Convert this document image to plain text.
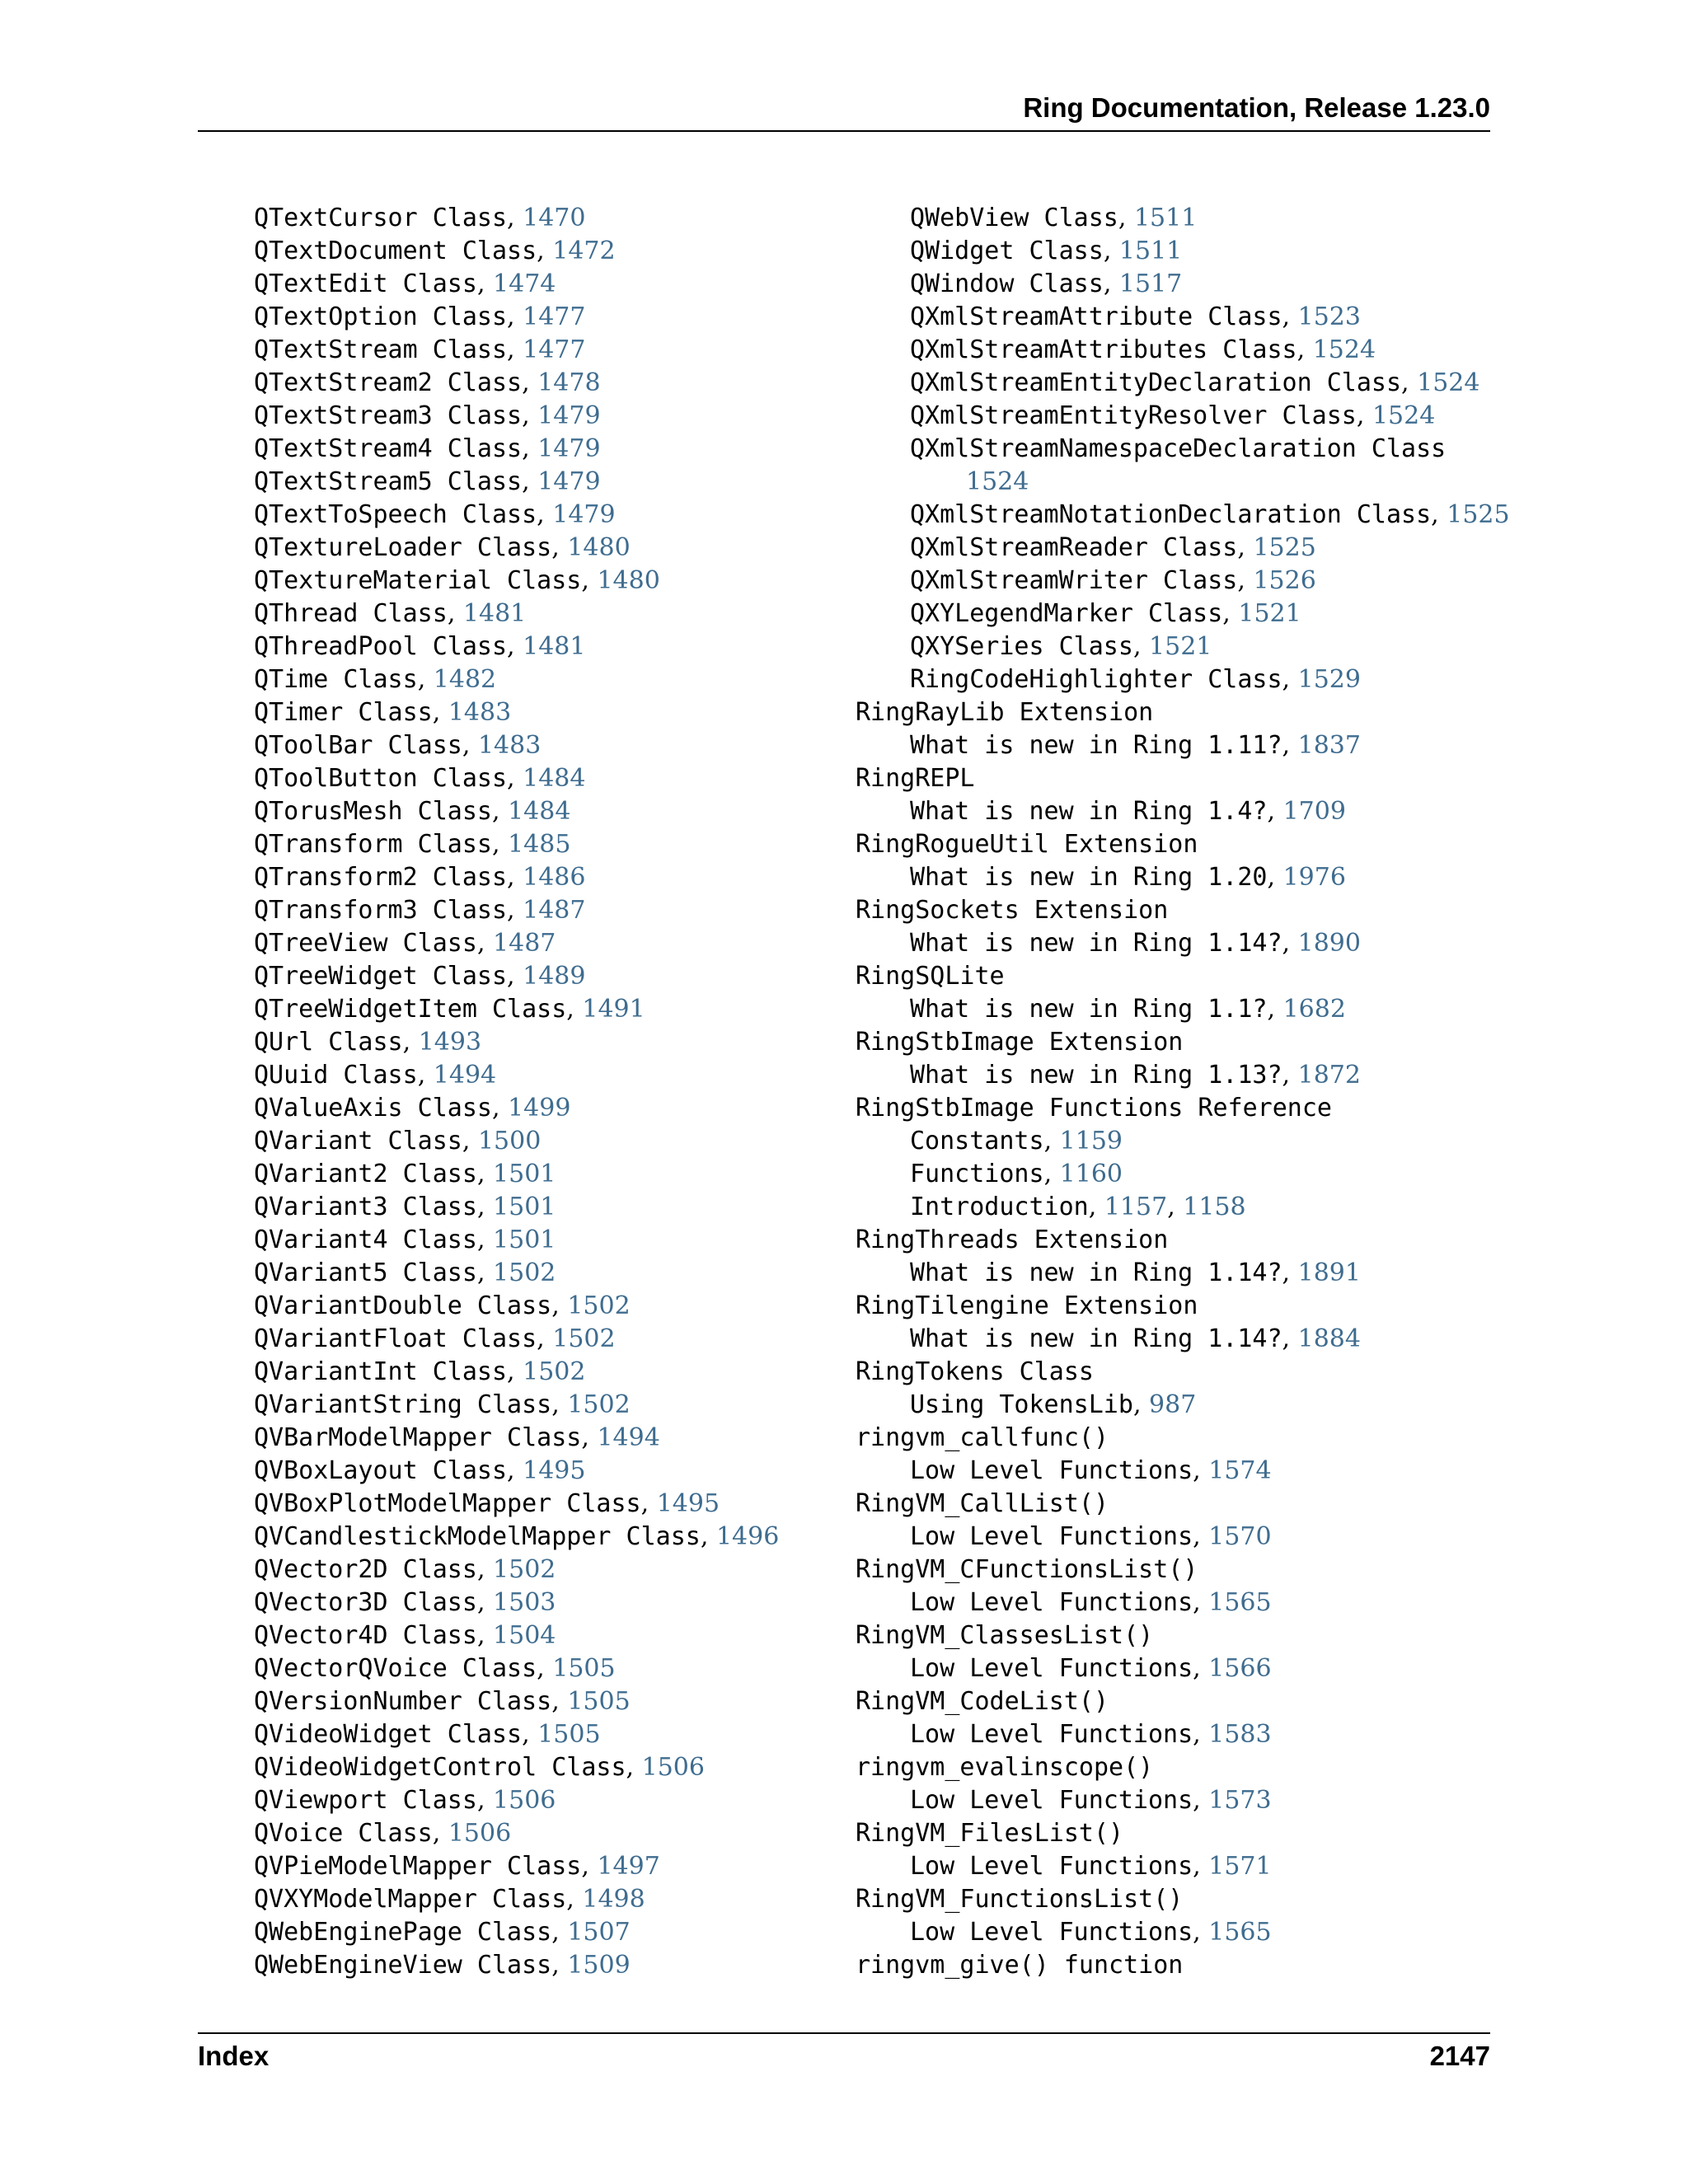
Ring Documentation, Release 1.23.0
QTextCursor Class, 1470
QTextDocument Class, 1472
QTextEdit Class, 1474
QTextOption Class, 1477
QTextStream Class, 1477
QTextStream2 Class, 1478
QTextStream3 Class, 1479
QTextStream4 Class, 1479
QTextStream5 Class, 1479
QTextToSpeech Class, 1479
QTextureLoader Class, 1480
QTextureMaterial Class, 1480
QThread Class, 1481
QThreadPool Class, 1481
QTime Class, 1482
QTimer Class, 1483
QToolBar Class, 1483
QToolButton Class, 1484
QTorusMesh Class, 1484
QTransform Class, 1485
QTransform2 Class, 1486
QTransform3 Class, 1487
QTreeView Class, 1487
QTreeWidget Class, 1489
QTreeWidgetItem Class, 1491
QUrl Class, 1493
QUuid Class, 1494
QValueAxis Class, 1499
QVariant Class, 1500
QVariant2 Class, 1501
QVariant3 Class, 1501
QVariant4 Class, 1501
QVariant5 Class, 1502
QVariantDouble Class, 1502
QVariantFloat Class, 1502
QVariantInt Class, 1502
QVariantString Class, 1502
QVBarModelMapper Class, 1494
QVBoxLayout Class, 1495
QVBoxPlotModelMapper Class, 1495
QVCandlestickModelMapper Class, 1496
QVector2D Class, 1502
QVector3D Class, 1503
QVector4D Class, 1504
QVectorQVoice Class, 1505
QVersionNumber Class, 1505
QVideoWidget Class, 1505
QVideoWidgetControl Class, 1506
QViewport Class, 1506
QVoice Class, 1506
QVPieModelMapper Class, 1497
QVXYModelMapper Class, 1498
QWebEnginePage Class, 1507
QWebEngineView Class, 1509
QWebView Class, 1511
QWidget Class, 1511
QWindow Class, 1517
QXmlStreamAttribute Class, 1523
QXmlStreamAttributes Class, 1524
QXmlStreamEntityDeclaration Class, 1524
QXmlStreamEntityResolver Class, 1524
QXmlStreamNamespaceDeclaration Class
1524
QXmlStreamNotationDeclaration Class, 1525
QXmlStreamReader Class, 1525
QXmlStreamWriter Class, 1526
QXYLegendMarker Class, 1521
QXYSeries Class, 1521
RingCodeHighlighter Class, 1529
RingRayLib Extension
What is new in Ring 1.11?, 1837
RingREPL
What is new in Ring 1.4?, 1709
RingRogueUtil Extension
What is new in Ring 1.20, 1976
RingSockets Extension
What is new in Ring 1.14?, 1890
RingSQLite
What is new in Ring 1.1?, 1682
RingStbImage Extension
What is new in Ring 1.13?, 1872
RingStbImage Functions Reference
Constants, 1159
Functions, 1160
Introduction, 1157, 1158
RingThreads Extension
What is new in Ring 1.14?, 1891
RingTilengine Extension
What is new in Ring 1.14?, 1884
RingTokens Class
Using TokensLib, 987
ringvm_callfunc()
Low Level Functions, 1574
RingVM_CallList()
Low Level Functions, 1570
RingVM_CFunctionsList()
Low Level Functions, 1565
RingVM_ClassesList()
Low Level Functions, 1566
RingVM_CodeList()
Low Level Functions, 1583
ringvm_evalinscope()
Low Level Functions, 1573
RingVM_FilesList()
Low Level Functions, 1571
RingVM_FunctionsList()
Low Level Functions, 1565
ringvm_give() function
Index	2147
